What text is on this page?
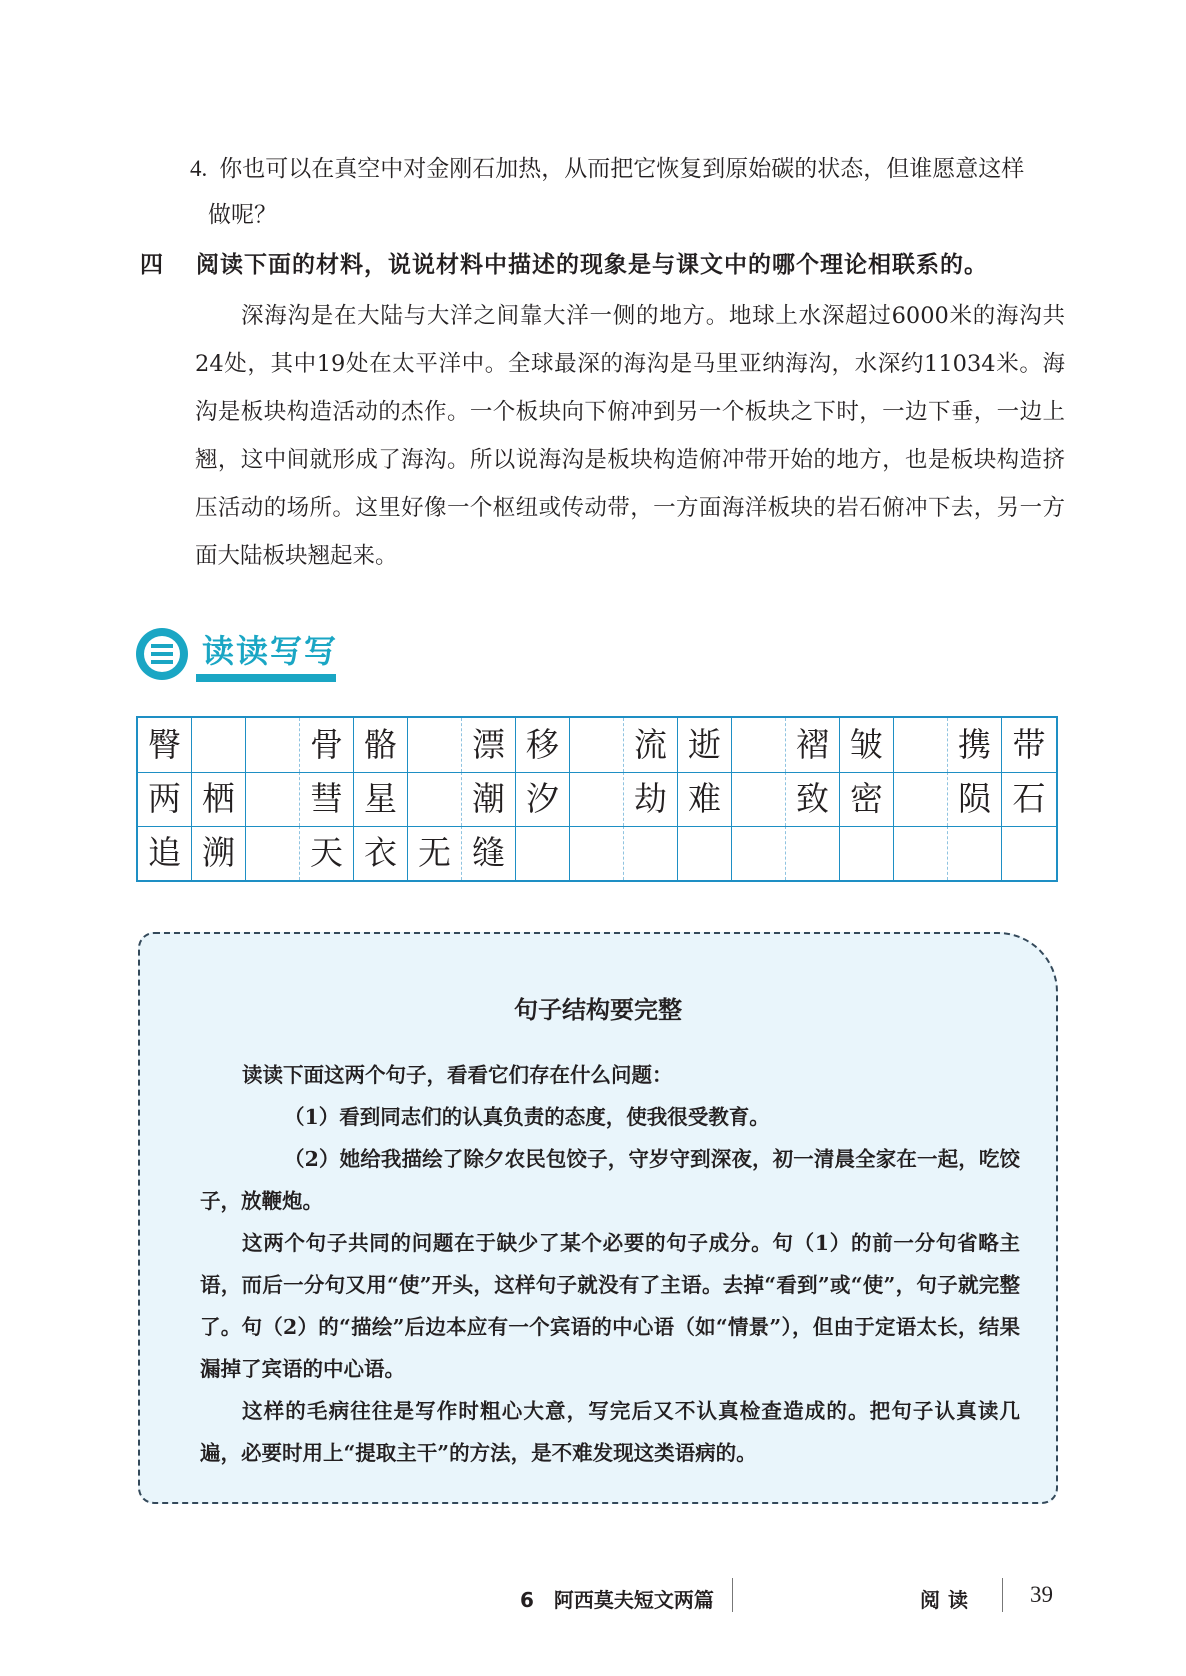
4. 你也可以在真空中对金刚石加热，从而把它恢复到原始碳的状态，但谁愿意这样
做呢？
四 阅读下面的材料，说说材料中描述的现象是与课文中的哪个理论相联系的。
深海沟是在大陆与大洋之间靠大洋一侧的地方。地球上水深超过6000米的海沟共24处，其中19处在太平洋中。全球最深的海沟是马里亚纳海沟，水深约11034米。海沟是板块构造活动的杰作。一个板块向下俯冲到另一个板块之下时，一边下垂，一边上翘，这中间就形成了海沟。所以说海沟是板块构造俯冲带开始的地方，也是板块构造挤压活动的场所。这里好像一个枢纽或传动带，一方面海洋板块的岩石俯冲下去，另一方面大陆板块翘起来。
读读写写
臀	骨 骼	漂 移	流 逝	褶 皱	携 带
两 栖	彗 星	潮 汐	劫 难	致 密	陨 石
追 溯	天 衣 无 缝
句子结构要完整

读读下面这两个句子，看看它们存在什么问题：

（1）看到同志们的认真负责的态度，使我很受教育。

（2）她给我描绘了除夕农民包饺子，守岁守到深夜，初一清晨全家在一起，吃饺子，放鞭炮。

这两个句子共同的问题在于缺少了某个必要的句子成分。句（1）的前一分句省略主语，而后一分句又用“使”开头，这样句子就没有了主语。去掉“看到”或“使”，句子就完整了。句（2）的“描绘”后边本应有一个宾语的中心语（如“情景”），但由于定语太长，结果漏掉了宾语的中心语。

这样的毛病往往是写作时粗心大意，写完后又不认真检查造成的。把句子认真读几遍，必要时用上“提取主干”的方法，是不难发现这类语病的。

6　阿西莫夫短文两篇	阅读 39
